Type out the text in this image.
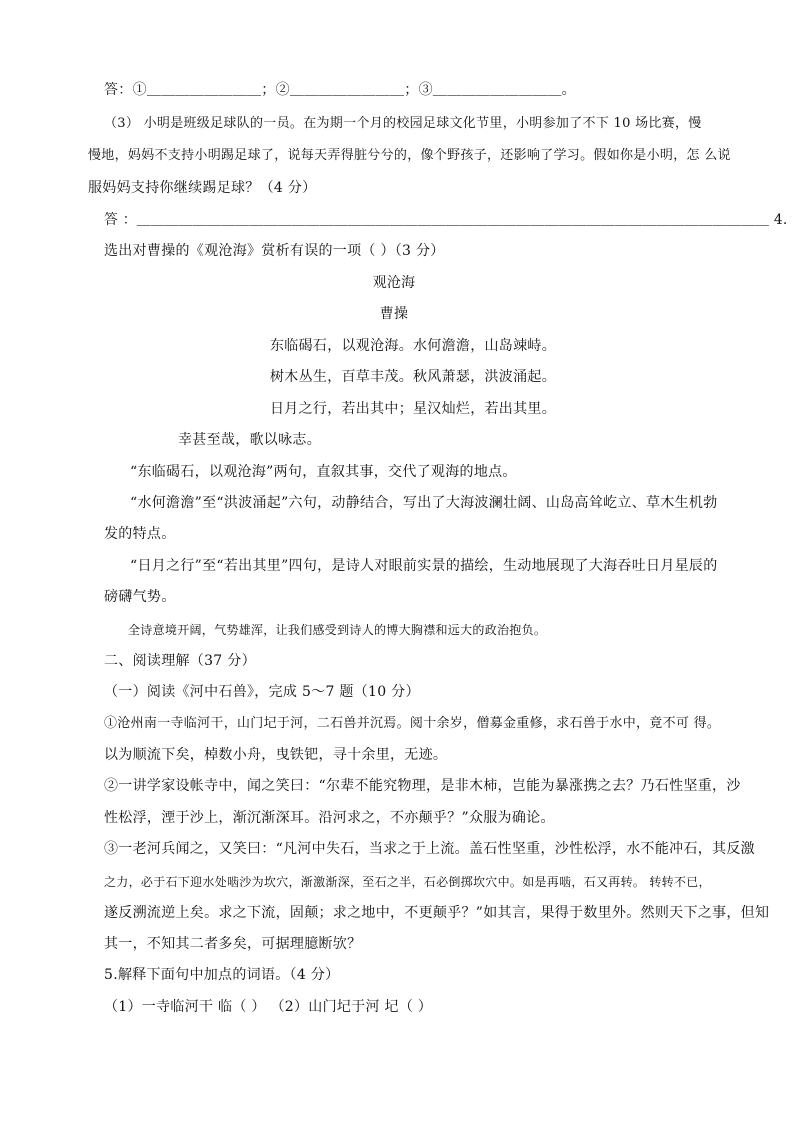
答：①＿＿＿＿＿＿＿＿；②＿＿＿＿＿＿＿＿；③＿＿＿＿＿＿＿＿＿。
（3） 小明是班级足球队的一员。在为期一个月的校园足球文化节里，小明参加了不下 10 场比赛，慢
慢地，妈妈不支持小明踢足球了，说每天弄得脏兮兮的，像个野孩子，还影响了学习。假如你是小明，怎 么说
服妈妈支持你继续踢足球？（4 分）
答 ：＿＿＿＿＿＿＿＿＿＿＿＿＿＿＿＿＿＿＿＿＿＿＿＿＿＿＿＿＿＿＿＿＿＿＿＿＿＿＿＿＿＿＿＿＿ 4.
选出对曹操的《观沧海》赏析有误的一项（ ）（3 分）
观沧海
曹操
东临碣石，以观沧海。水何澹澹，山岛竦峙。
树木丛生，百草丰茂。秋风萧瑟，洪波涌起。
日月之行，若出其中；星汉灿烂，若出其里。
幸甚至哉，歌以咏志。
“东临碣石，以观沧海”两句，直叙其事，交代了观海的地点。
“水何澹澹”至“洪波涌起”六句，动静结合，写出了大海波澜壮阔、山岛高耸屹立、草木生机勃
发的特点。
“日月之行”至“若出其里”四句，是诗人对眼前实景的描绘，生动地展现了大海吞吐日月星辰的
磅礴气势。
全诗意境开阔，气势雄浑，让我们感受到诗人的博大胸襟和远大的政治抱负。
二、阅读理解（37 分）
（一）阅读《河中石兽》，完成 5～7 题（10 分）
①沧州南一寺临河干，山门圮于河，二石兽并沉焉。阅十余岁，僧募金重修，求石兽于水中，竟不可 得。
以为顺流下矣，棹数小舟，曳铁钯，寻十余里，无迹。
②一讲学家设帐寺中，闻之笑曰：“尔辈不能究物理，是非木柿，岂能为暴涨携之去？乃石性坚重，沙
性松浮，湮于沙上，渐沉渐深耳。沿河求之，不亦颠乎？”众服为确论。
③一老河兵闻之，又笑曰：“凡河中失石，当求之于上流。盖石性坚重，沙性松浮，水不能冲石，其反激
之力，必于石下迎水处啮沙为坎穴，渐激渐深，至石之半，石必倒掷坎穴中。如是再啮，石又再转。 转转不已，
遂反溯流逆上矣。求之下流，固颠；求之地中，不更颠乎？”如其言，果得于数里外。然则天下之事，但知
其一，不知其二者多矣，可据理臆断欤？
5.解释下面句中加点的词语。（4 分）
（1）一寺临河干 临（ ） （2）山门圮于河 圮（ ）
